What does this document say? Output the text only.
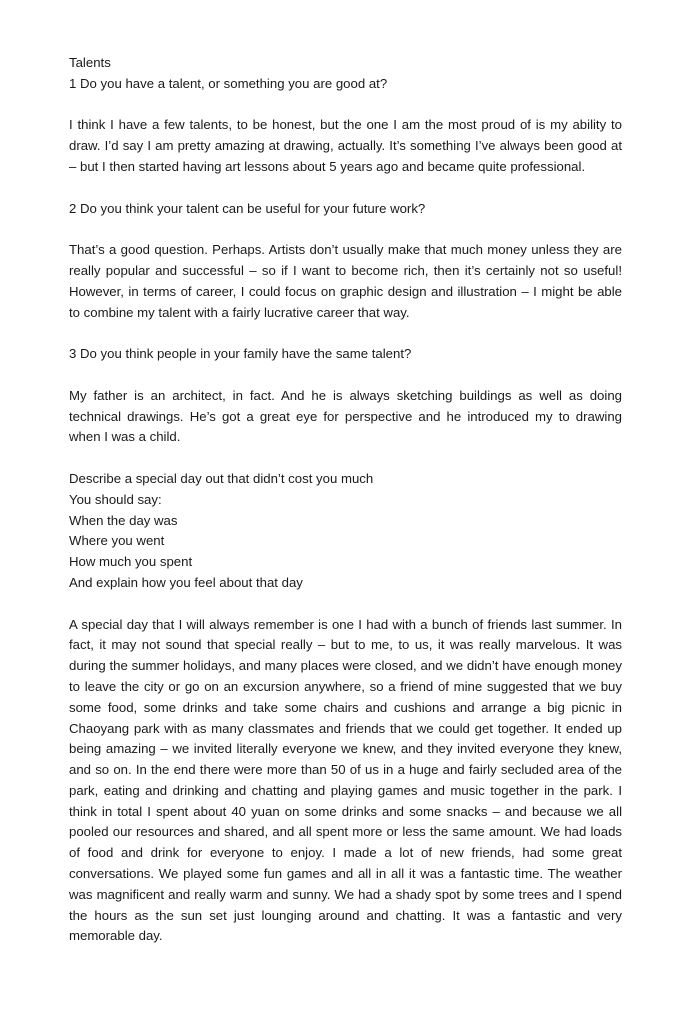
Talents

1 Do you have a talent, or something you are good at?

I think I have a few talents, to be honest, but the one I am the most proud of is my ability to draw. I’d say I am pretty amazing at drawing, actually. It’s something I’ve always been good at – but I then started having art lessons about 5 years ago and became quite professional.

2 Do you think your talent can be useful for your future work?

That’s a good question. Perhaps. Artists don’t usually make that much money unless they are really popular and successful – so if I want to become rich, then it’s certainly not so useful! However, in terms of career, I could focus on graphic design and illustration – I might be able to combine my talent with a fairly lucrative career that way.

3 Do you think people in your family have the same talent?

My father is an architect, in fact. And he is always sketching buildings as well as doing technical drawings. He’s got a great eye for perspective and he introduced my to drawing when I was a child.

Describe a special day out that didn’t cost you much

You should say:

When the day was

Where you went

How much you spent

And explain how you feel about that day

A special day that I will always remember is one I had with a bunch of friends last summer. In fact, it may not sound that special really – but to me, to us, it was really marvelous. It was during the summer holidays, and many places were closed, and we didn’t have enough money to leave the city or go on an excursion anywhere, so a friend of mine suggested that we buy some food, some drinks and take some chairs and cushions and arrange a big picnic in Chaoyang park with as many classmates and friends that we could get together. It ended up being amazing – we invited literally everyone we knew, and they invited everyone they knew, and so on. In the end there were more than 50 of us in a huge and fairly secluded area of the park, eating and drinking and chatting and playing games and music together in the park. I think in total I spent about 40 yuan on some drinks and some snacks – and because we all pooled our resources and shared, and all spent more or less the same amount. We had loads of food and drink for everyone to enjoy. I made a lot of new friends, had some great conversations. We played some fun games and all in all it was a fantastic time. The weather was magnificent and really warm and sunny. We had a shady spot by some trees and I spend the hours as the sun set just lounging around and chatting. It was a fantastic and very memorable day.
